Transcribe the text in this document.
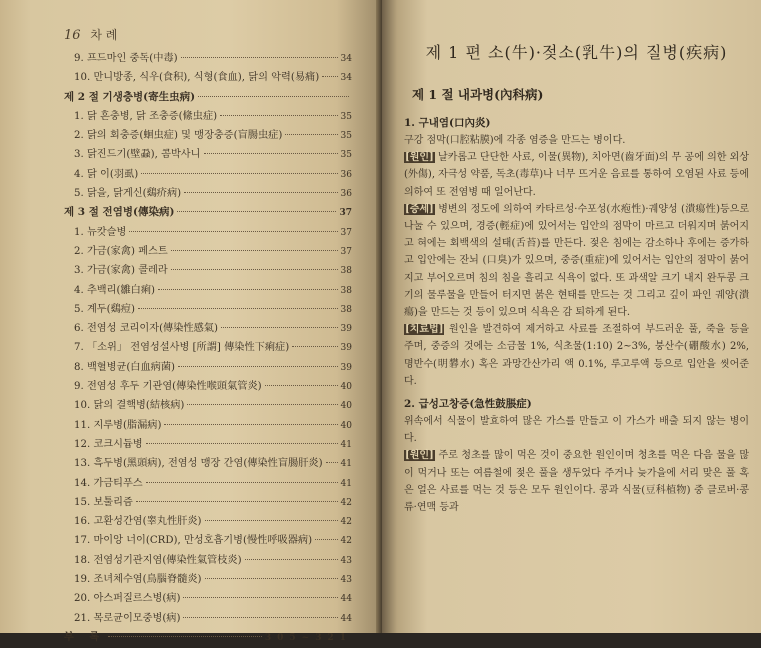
16 차 례
9. 프드마인 중독(中毒)	34
10. 만니방종, 식우(食积), 식형(食血), 닭의 악력(易痛) 34
제 2 절 기생충병(寄生虫病)
1. 닭 흔충병, 닭 조충증(絛虫症)	35
2. 닭의 회충증(蛔虫症) 및 맹장충증(盲腸虫症)	35
3. 닭진드기(壁蝨), 콤박사니	35
4. 닭 이(羽虱)	36
5. 닭을, 닭게신(鷄疥病)	36
제 3 절 전염병(傳染病)	37
1. 뉴캇슬병	37
2. 가금(家禽) 페스트	37
3. 가금(家禽) 콜레라	38
4. 추백리(雛白痢)	38
5. 계두(鷄痘)	38
6. 전염성 코리이자(傳染性感氣)	39
7. 「소위」 전염성설사병 [所謂] 傳染性下痢症)	39
8. 백혈병균(白血病菌)	39
9. 전염성 후두 기관염(傳染性喉頭氣管炎)	40
10. 닭의 결핵병(結核病)	40
11. 지루병(脂漏病)	40
12. 코크시듐병	41
13. 흑두병(黑頭病), 전염성 맹장 간염(傳染性盲腸肝炎) 41
14. 가금티푸스	41
15. 보툴리즘	42
16. 고환성간염(睾丸性肝炎)	42
17. 마이앙 너이(CRD), 만성호흡기병(慢性呼吸器病)	42
18. 전염성기관지염(傳染性氣管枝炎)	43
19. 조녀체수염(鳥腦脊髓炎)	43
20. 아스퍼질르스병(病)	44
21. 목로균이모중병(病)	44
부 록	305~321
제 1 편 소(牛)·젖소(乳牛)의 질병(疾病)
제 1 절 내과병(內科病)
1. 구내염(口內炎)

구강 점막(口腔粘膜)에 각종 염증을 만드는 병이다.

[원인] 날카롭고 단단한 사료, 이물(異物), 치아면(齒牙面)의 무 공에 의한 외상(外傷), 자극성 약품, 독초(毒草)나 너무 뜨거운 음료를 통하여 오염된 사료 등에 의하여 또 전염병 때 일어난다.

[증세] 병변의 정도에 의하여 카타르성·수포성(水疱性)·궤양성 (潰瘍性)등으로 나눌 수 있으며, 경증(輕症)에 있어서는 입안의 점막이 마르고 더워지며 붉어지고 혀에는 회백색의 설태(舌苔)를 만든다. 젖은 침에는 감소하나 후에는 증가하고 입안에는 잔뇌 (口臭)가 있으며, 중증(重症)에 있어서는 입안의 점막이 붉어지고 부어오르며 침의 침을 흘리고 식욕이 없다. 또 과색알 크기 내지 완두콩 크기의 물루물을 만들어 터지면 붉은 현태를 만드는 것 그리고 깊이 파인 궤양(潰瘍)을 만드는 것 등이 있으며 식욕은 감 퇴하게 된다.

[치료법] 원인을 발견하여 제거하고 사료를 조절하여 부드러운 풀, 죽을 등을 주며, 중증의 것에는 소금물 1%, 식초물(1:10) 2~3%, 붕산수(硼酸水) 2%, 명반수(明礬水) 혹은 과망간산가리 액 0.1%, 루고루액 등으로 입안을 씻어준다.

2. 급성고창증(急性鼓脹症)

위속에서 식물이 발효하여 많은 가스를 만들고 이 가스가 배출 되지 않는 병이다.

[원인] 주로 청초를 많이 먹은 것이 중요한 원인이며 청초를 먹은 다음 물을 많이 먹거나 또는 여름철에 젖은 풀을 생두었다 주거나 늦가을에 서리 맞은 풀 혹은 얼은 사료를 먹는 것 등은 모두 원인이다. 콩과 식물(豆科植物) 중 클로버·콩류·연맥 등과
